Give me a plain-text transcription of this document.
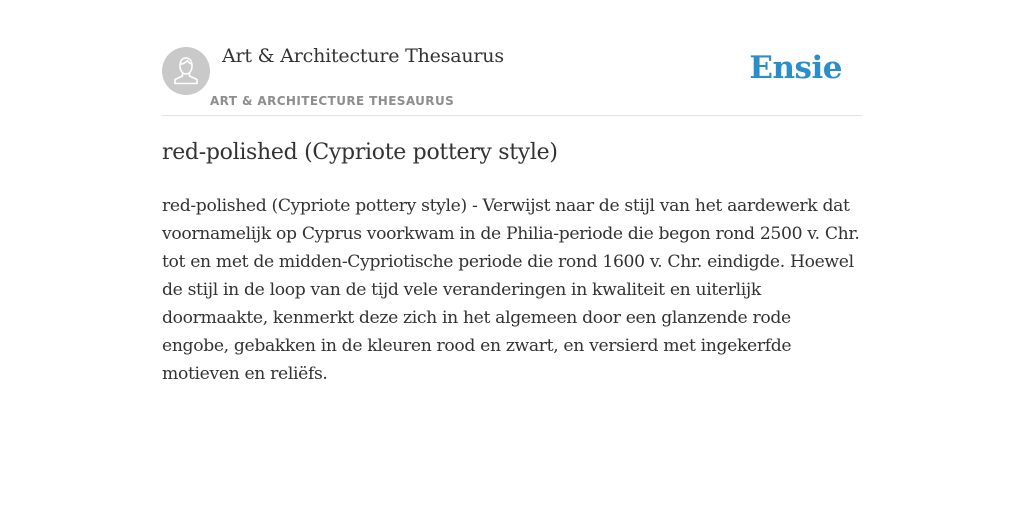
Art & Architecture Thesaurus
ART & ARCHITECTURE THESAURUS
Ensie
red-polished (Cypriote pottery style)

red-polished (Cypriote pottery style) - Verwijst naar de stijl van het aardewerk dat voornamelijk op Cyprus voorkwam in de Philia-periode die begon rond 2500 v. Chr. tot en met de midden-Cypriotische periode die rond 1600 v. Chr. eindigde. Hoewel de stijl in de loop van de tijd vele veranderingen in kwaliteit en uiterlijk doormaakte, kenmerkt deze zich in het algemeen door een glanzende rode engobe, gebakken in de kleuren rood en zwart, en versierd met ingekerfde motieven en reliëfs.
